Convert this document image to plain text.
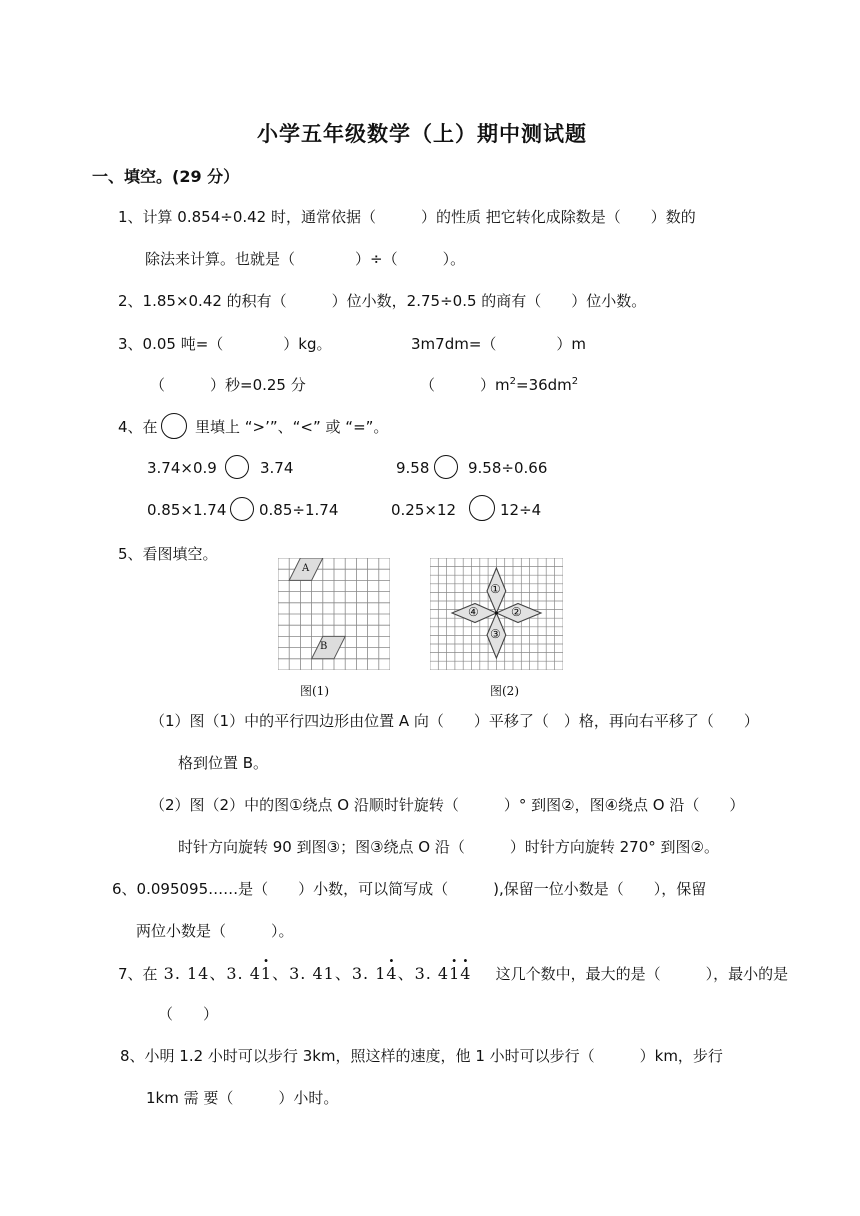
小学五年级数学（上）期中测试题
一、填空。(29 分）
1、计算 0.854÷0.42 时，通常依据（　　　）的性质 把它转化成除数是（　　）数的
除法来计算。也就是（　　　　）÷（　　　）。
2、1.85×0.42 的积有（　　　）位小数，2.75÷0.5 的商有（　　）位小数。
3、0.05 吨=（　　　　）kg。	3m7dm=（　　　　）m
（　　　）秒=0.25 分	（　　　）$m^2=36dm^2$
4、在 里填上 “>’”、“<” 或 “=”。
3.74×0.9	3.74	9.58	9.58÷0.66
0.85×1.74 0.85÷1.74	0.25×12	12÷4
5、看图填空。
A
B
图(1)
①
②
③
④
图(2)
（1）图（1）中的平行四边形由位置 A 向（　　）平移了（　）格，再向右平移了（　　）
格到位置 B。
（2）图（2）中的图①绕点 O 沿顺时针旋转（　　　）° 到图②，图④绕点 O 沿（　　）
时针方向旋转 90 到图③；图③绕点 O 沿（　　　）时针方向旋转 270° 到图②。
6、0.095095……是（　　）小数，可以简写成（　　　),保留一位小数是（　　），保留
两位小数是（　　　）。
7、在 3. 14、3. 4· 1、3. 41、3. 1· 4、3. 4· 1· 4 这几个数中，最大的是（　　　），最小的是
（　　）
8、小明 1.2 小时可以步行 3km，照这样的速度，他 1 小时可以步行（　　　）km，步行
1km 需 要（　　　）小时。
